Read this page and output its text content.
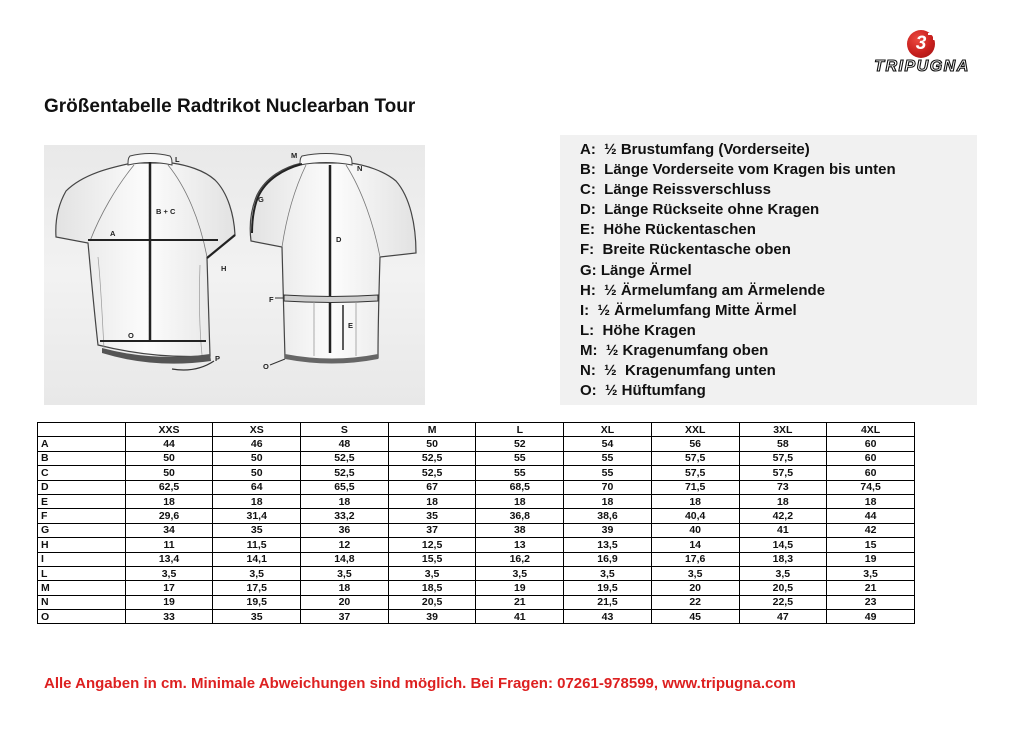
3
TRIPUGNA
Größentabelle Radtrikot Nuclearban Tour
L
B + C
A
H
O
P
M
N
G
D
F
E
O
A:  ½ Brustumfang (Vorderseite)
B:  Länge Vorderseite vom Kragen bis unten
C:  Länge Reissverschluss
D:  Länge Rückseite ohne Kragen
E:  Höhe Rückentaschen
F:  Breite Rückentasche oben
G: Länge Ärmel
H:  ½ Ärmelumfang am Ärmelende
I:  ½ Ärmelumfang Mitte Ärmel
L:  Höhe Kragen
M:  ½ Kragenumfang oben
N:  ½  Kragenumfang unten
O:  ½ Hüftumfang
	XXS	XS	S	M	L	XL	XXL	3XL	4XL
A	44	46	48	50	52	54	56	58	60
B	50	50	52,5	52,5	55	55	57,5	57,5	60
C	50	50	52,5	52,5	55	55	57,5	57,5	60
D	62,5	64	65,5	67	68,5	70	71,5	73	74,5
E	18	18	18	18	18	18	18	18	18
F	29,6	31,4	33,2	35	36,8	38,6	40,4	42,2	44
G	34	35	36	37	38	39	40	41	42
H	11	11,5	12	12,5	13	13,5	14	14,5	15
I	13,4	14,1	14,8	15,5	16,2	16,9	17,6	18,3	19
L	3,5	3,5	3,5	3,5	3,5	3,5	3,5	3,5	3,5
M	17	17,5	18	18,5	19	19,5	20	20,5	21
N	19	19,5	20	20,5	21	21,5	22	22,5	23
O	33	35	37	39	41	43	45	47	49
Alle Angaben in cm. Minimale Abweichungen sind möglich. Bei Fragen: 07261-978599, www.tripugna.com
